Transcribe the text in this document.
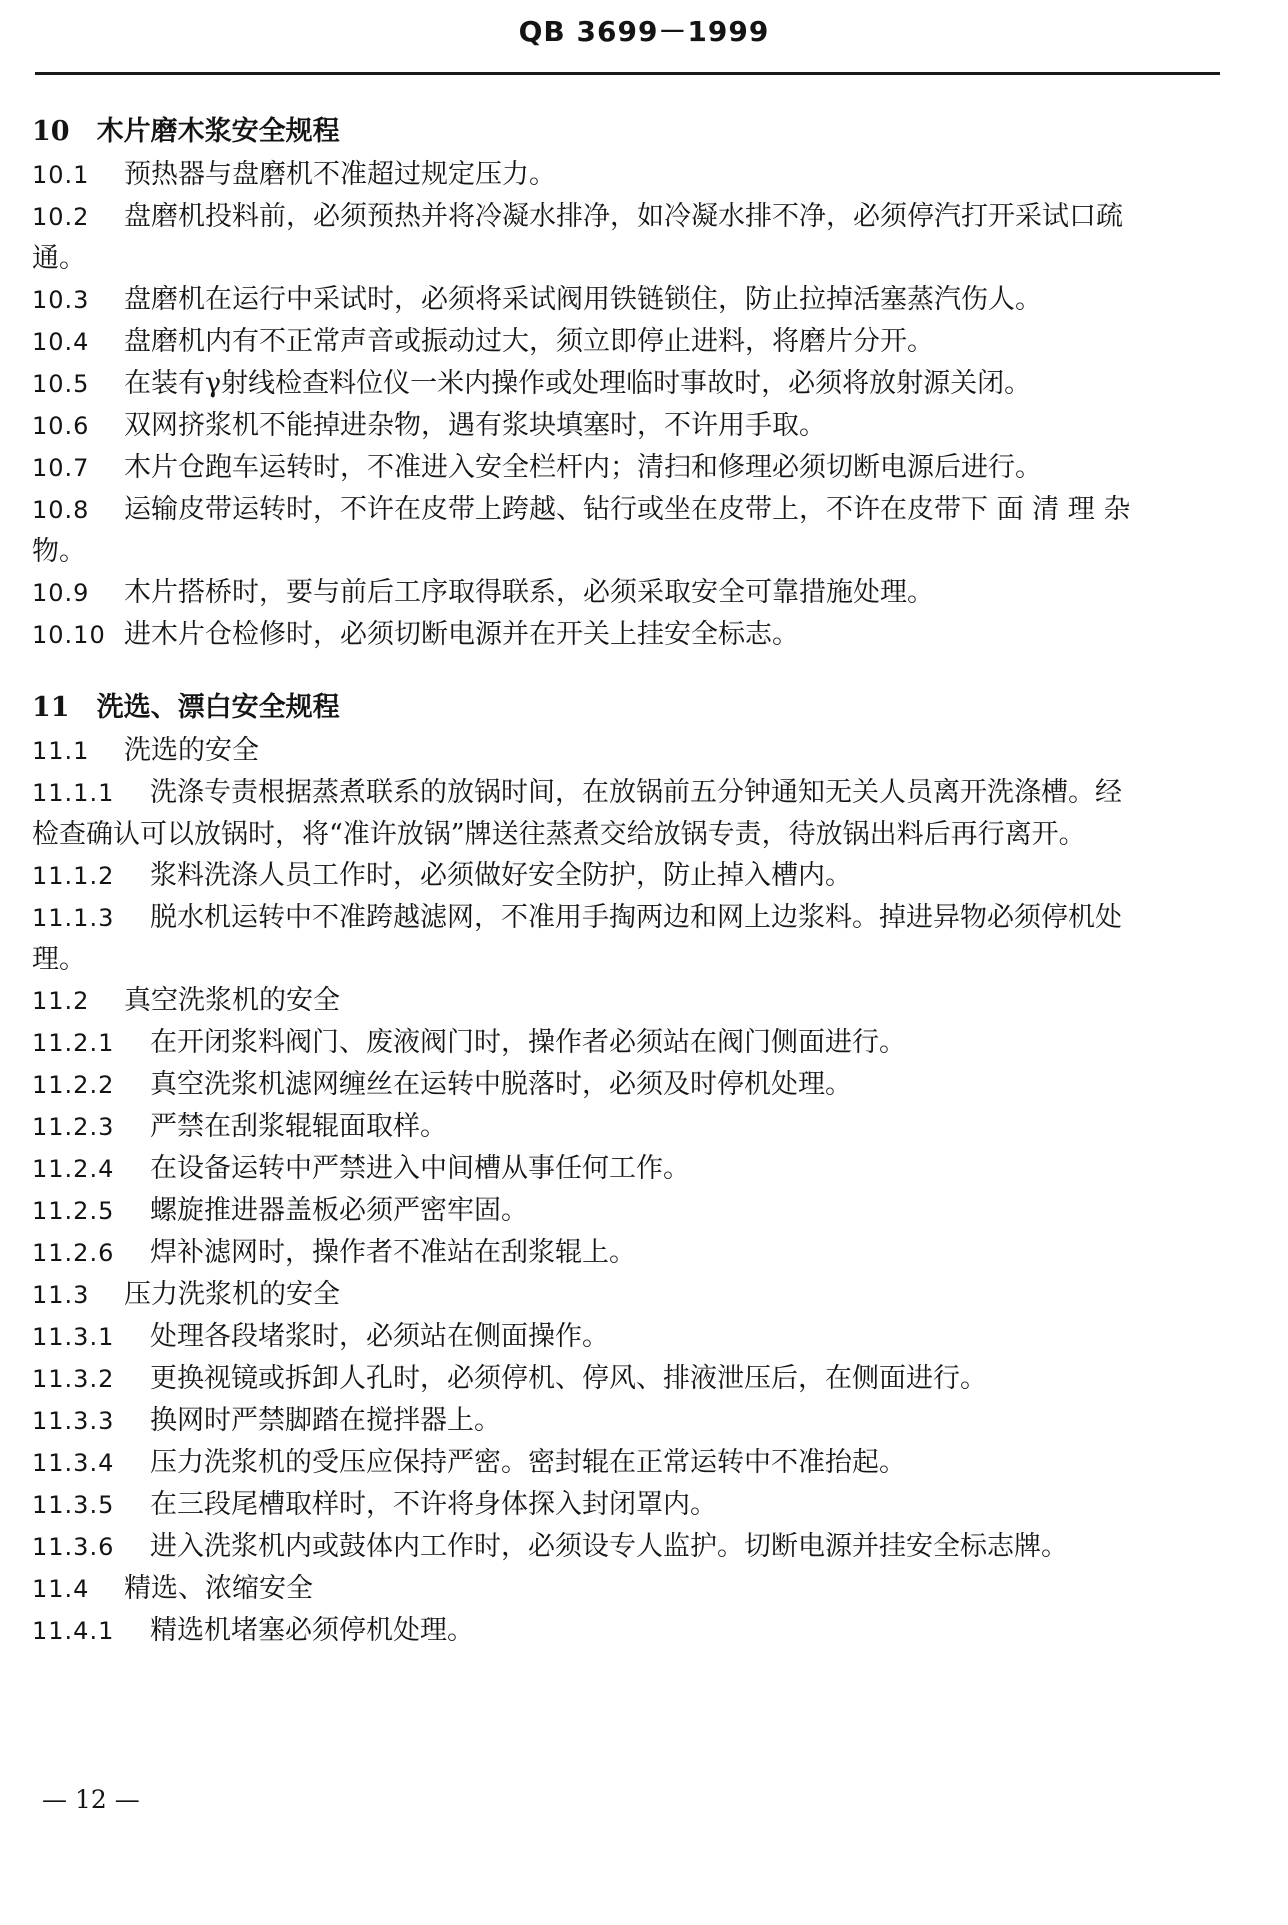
QB 3699－1999
10　木片磨木浆安全规程
10.1	预热器与盘磨机不准超过规定压力。
10.2	盘磨机投料前，必须预热并将冷凝水排净，如冷凝水排不净，必须停汽打开采试口疏
通。
10.3	盘磨机在运行中采试时，必须将采试阀用铁链锁住，防止拉掉活塞蒸汽伤人。
10.4	盘磨机内有不正常声音或振动过大，须立即停止进料，将磨片分开。
10.5	在装有γ射线检查料位仪一米内操作或处理临时事故时，必须将放射源关闭。
10.6	双网挤浆机不能掉进杂物，遇有浆块填塞时，不许用手取。
10.7	木片仓跑车运转时，不准进入安全栏杆内；清扫和修理必须切断电源后进行。
10.8	运输皮带运转时，不许在皮带上跨越、钻行或坐在皮带上，不许在皮带下 面 清 理 杂
物。
10.9	木片搭桥时，要与前后工序取得联系，必须采取安全可靠措施处理。
10.10 进木片仓检修时，必须切断电源并在开关上挂安全标志。
11　洗选、漂白安全规程
11.1	洗选的安全
11.1.1	洗涤专责根据蒸煮联系的放锅时间，在放锅前五分钟通知无关人员离开洗涤槽。经
检查确认可以放锅时，将“准许放锅”牌送往蒸煮交给放锅专责，待放锅出料后再行离开。
11.1.2	浆料洗涤人员工作时，必须做好安全防护，防止掉入槽内。
11.1.3	脱水机运转中不准跨越滤网，不准用手掏两边和网上边浆料。掉进异物必须停机处
理。
11.2	真空洗浆机的安全
11.2.1	在开闭浆料阀门、废液阀门时，操作者必须站在阀门侧面进行。
11.2.2	真空洗浆机滤网缠丝在运转中脱落时，必须及时停机处理。
11.2.3	严禁在刮浆辊辊面取样。
11.2.4	在设备运转中严禁进入中间槽从事任何工作。
11.2.5	螺旋推进器盖板必须严密牢固。
11.2.6	焊补滤网时，操作者不准站在刮浆辊上。
11.3	压力洗浆机的安全
11.3.1	处理各段堵浆时，必须站在侧面操作。
11.3.2	更换视镜或拆卸人孔时，必须停机、停风、排液泄压后，在侧面进行。
11.3.3	换网时严禁脚踏在搅拌器上。
11.3.4	压力洗浆机的受压应保持严密。密封辊在正常运转中不准抬起。
11.3.5	在三段尾槽取样时，不许将身体探入封闭罩内。
11.3.6	进入洗浆机内或鼓体内工作时，必须设专人监护。切断电源并挂安全标志牌。
11.4	精选、浓缩安全
11.4.1	精选机堵塞必须停机处理。
— 12 —
